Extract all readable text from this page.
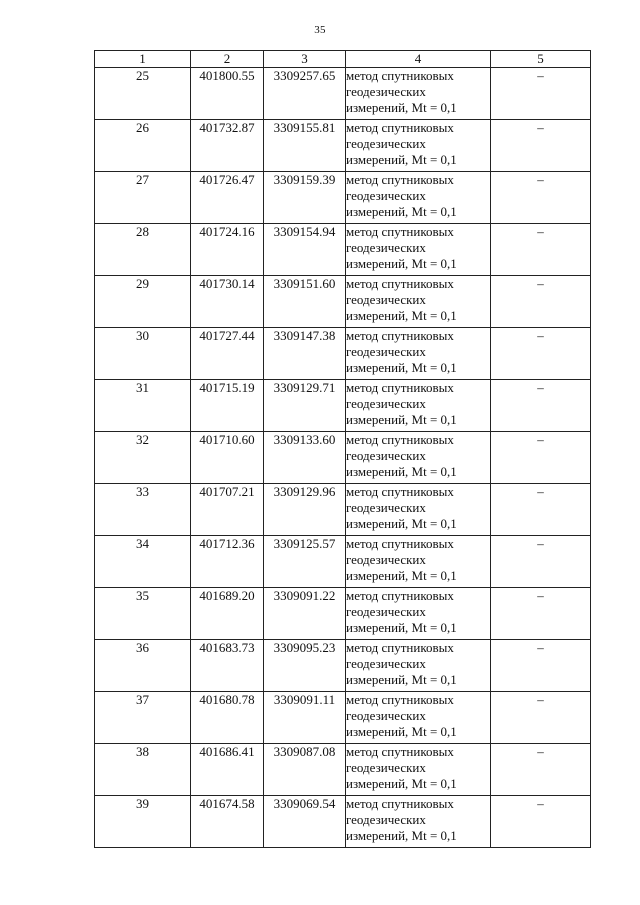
35
1	2	3	4	5
25	401800.55	3309257.65	метод спутниковых
геодезических
измерений, Mt = 0,1	–
26	401732.87	3309155.81	метод спутниковых
геодезических
измерений, Mt = 0,1	–
27	401726.47	3309159.39	метод спутниковых
геодезических
измерений, Mt = 0,1	–
28	401724.16	3309154.94	метод спутниковых
геодезических
измерений, Mt = 0,1	–
29	401730.14	3309151.60	метод спутниковых
геодезических
измерений, Mt = 0,1	–
30	401727.44	3309147.38	метод спутниковых
геодезических
измерений, Mt = 0,1	–
31	401715.19	3309129.71	метод спутниковых
геодезических
измерений, Mt = 0,1	–
32	401710.60	3309133.60	метод спутниковых
геодезических
измерений, Mt = 0,1	–
33	401707.21	3309129.96	метод спутниковых
геодезических
измерений, Mt = 0,1	–
34	401712.36	3309125.57	метод спутниковых
геодезических
измерений, Mt = 0,1	–
35	401689.20	3309091.22	метод спутниковых
геодезических
измерений, Mt = 0,1	–
36	401683.73	3309095.23	метод спутниковых
геодезических
измерений, Mt = 0,1	–
37	401680.78	3309091.11	метод спутниковых
геодезических
измерений, Mt = 0,1	–
38	401686.41	3309087.08	метод спутниковых
геодезических
измерений, Mt = 0,1	–
39	401674.58	3309069.54	метод спутниковых
геодезических
измерений, Mt = 0,1	–
